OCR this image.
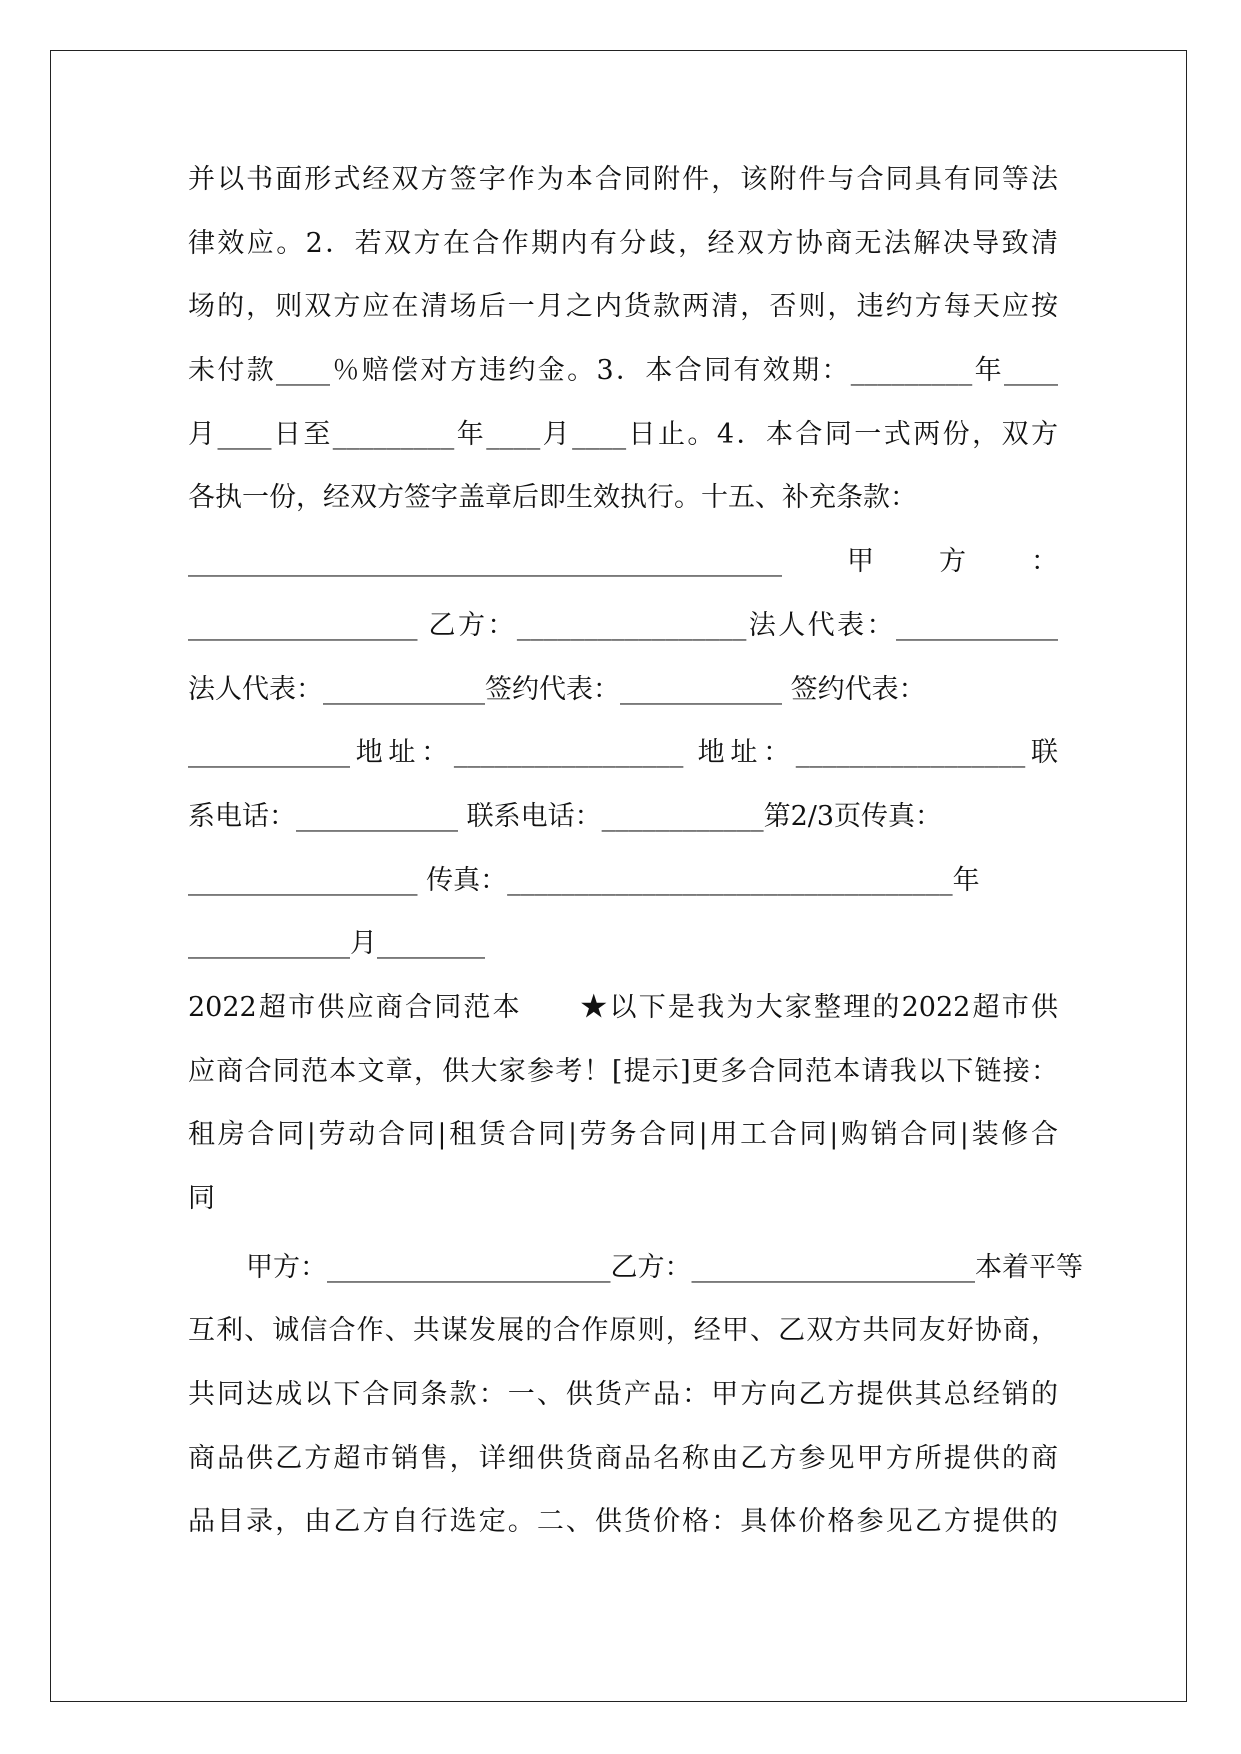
并以书面形式经双方签字作为本合同附件，该附件与合同具有同等法
律效应。2．若双方在合作期内有分歧，经双方协商无法解决导致清
场的，则双方应在清场后一月之内货款两清，否则，违约方每天应按
未付款____％赔偿对方违约金。3．本合同有效期：_________年____
月____日至_________年____月____日止。4．本合同一式两份，双方
各执一份，经双方签字盖章后即生效执行。十五、补充条款：
____________________________________________甲方：
_________________ 乙方：_________________法人代表：____________
法人代表：____________签约代表：____________ 签约代表：
____________地址：_________________ 地址：_________________联
系电话：____________ 联系电话：____________第2/3页传真：
_________________ 传真：_________________________________年
____________月________
2022超市供应商合同范本　　★以下是我为大家整理的2022超市供
应商合同范本文章，供大家参考！[提示]更多合同范本请我以下链接：
租房合同|劳动合同|租赁合同|劳务合同|用工合同|购销合同|装修合
同
甲方：_____________________乙方：_____________________本着平等
互利、诚信合作、共谋发展的合作原则，经甲、乙双方共同友好协商，
共同达成以下合同条款：一、供货产品：甲方向乙方提供其总经销的
商品供乙方超市销售，详细供货商品名称由乙方参见甲方所提供的商
品目录，由乙方自行选定。二、供货价格：具体价格参见乙方提供的
